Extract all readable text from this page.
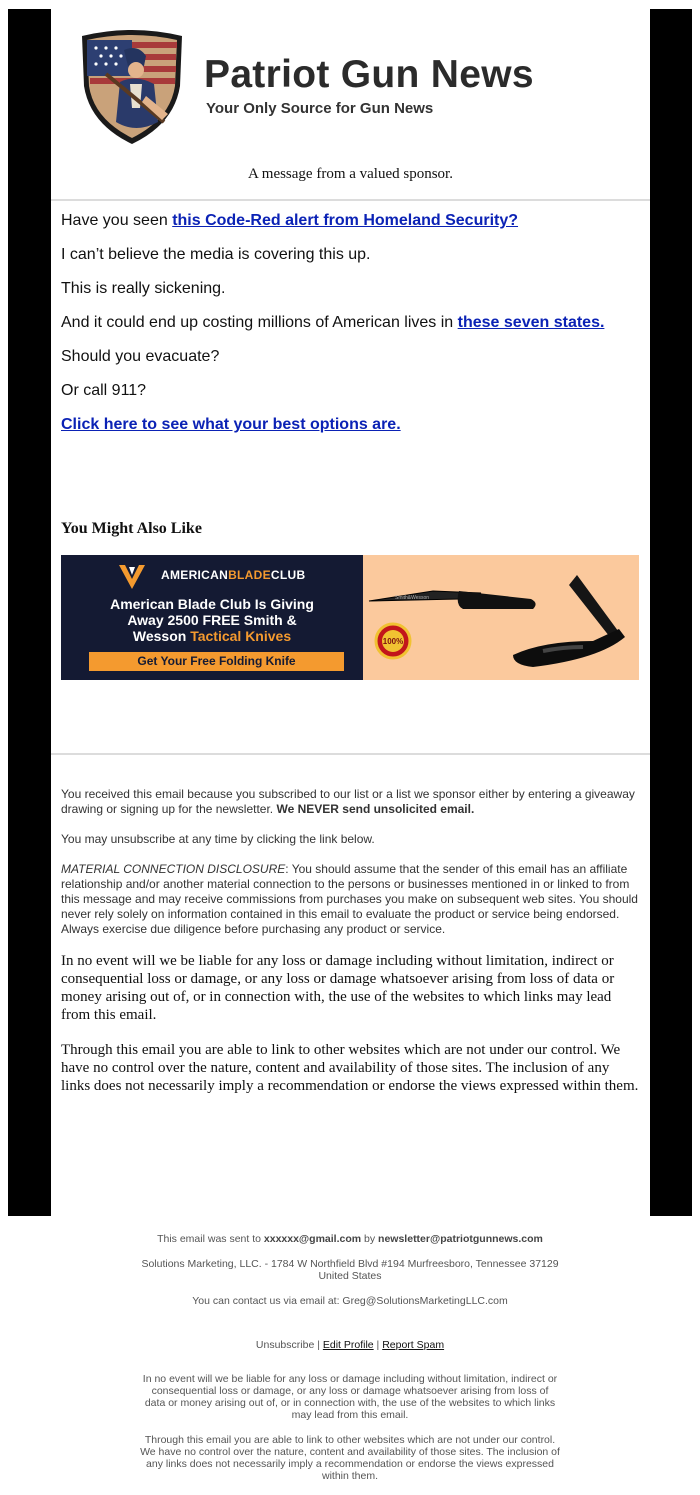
Patriot Gun News
Your Only Source for Gun News
A message from a valued sponsor.

Have you seen this Code-Red alert from Homeland Security?

I can’t believe the media is covering this up.

This is really sickening.

And it could end up costing millions of American lives in these seven states.

Should you evacuate?

Or call 911?

Click here to see what your best options are.

You Might Also Like
AMERICANBLADECLUB
American Blade Club Is Giving
Away 2500 FREE Smith &
Wesson Tactical Knives
Get Your Free Folding Knife
Smith&Wesson
100%

You received this email because you subscribed to our list or a list we sponsor either by entering a giveaway drawing or signing up for the newsletter. We NEVER send unsolicited email.

You may unsubscribe at any time by clicking the link below.

MATERIAL CONNECTION DISCLOSURE: You should assume that the sender of this email has an affiliate relationship and/or another material connection to the persons or businesses mentioned in or linked to from this message and may receive commissions from purchases you make on subsequent web sites. You should never rely solely on information contained in this email to evaluate the product or service being endorsed. Always exercise due diligence before purchasing any product or service.

In no event will we be liable for any loss or damage including without limitation, indirect or consequential loss or damage, or any loss or damage whatsoever arising from loss of data or money arising out of, or in connection with, the use of the websites to which links may lead from this email.

Through this email you are able to link to other websites which are not under our control. We have no control over the nature, content and availability of those sites. The inclusion of any links does not necessarily imply a recommendation or endorse the views expressed within them.

This email was sent to xxxxxx@gmail.com by newsletter@patriotgunnews.com

Solutions Marketing, LLC. - 1784 W Northfield Blvd #194 Murfreesboro, Tennessee 37129 United States

You can contact us via email at: Greg@SolutionsMarketingLLC.com

Unsubscribe | Edit Profile | Report Spam

In no event will we be liable for any loss or damage including without limitation, indirect or consequential loss or damage, or any loss or damage whatsoever arising from loss of data or money arising out of, or in connection with, the use of the websites to which links may lead from this email.

Through this email you are able to link to other websites which are not under our control. We have no control over the nature, content and availability of those sites. The inclusion of any links does not necessarily imply a recommendation or endorse the views expressed within them.
